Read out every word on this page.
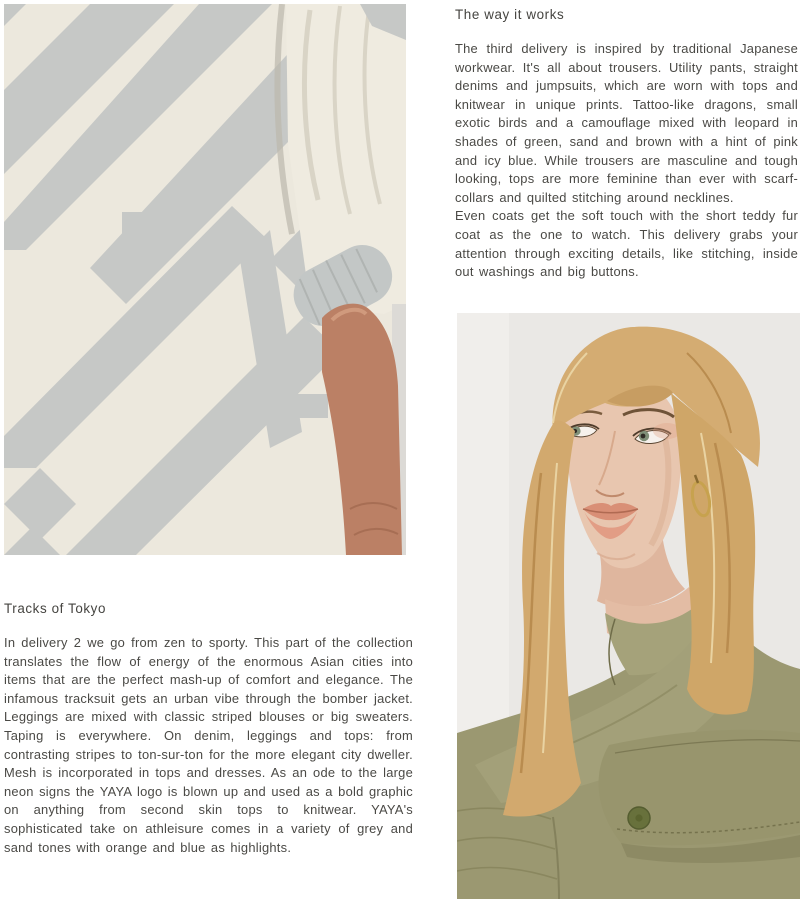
The way it works

The third delivery is inspired by traditional Japanese workwear. It's all about trousers. Utility pants, straight denims and jumpsuits, which are worn with tops and knitwear in unique prints. Tattoo-like dragons, small exotic birds and a camouflage mixed with leopard in shades of green, sand and brown with a hint of pink and icy blue. While trousers are masculine and tough looking, tops are more feminine than ever with scarf-collars and quilted stitching around necklines.

Even coats get the soft touch with the short teddy fur coat as the one to watch. This delivery grabs your attention through exciting details, like stitching, inside out washings and big buttons.

Tracks of Tokyo

In delivery 2 we go from zen to sporty. This part of the collection translates the flow of energy of the enormous Asian cities into items that are the perfect mash-up of comfort and elegance. The infamous tracksuit gets an urban vibe through the bomber jacket. Leggings are mixed with classic striped blouses or big sweaters. Taping is everywhere. On denim, leggings and tops: from contrasting stripes to ton-sur-ton for the more elegant city dweller. Mesh is incorporated in tops and dresses. As an ode to the large neon signs the YAYA logo is blown up and used as a bold graphic on anything from second skin tops to knitwear. YAYA's sophisticated take on athleisure comes in a variety of grey and sand tones with orange and blue as highlights.
